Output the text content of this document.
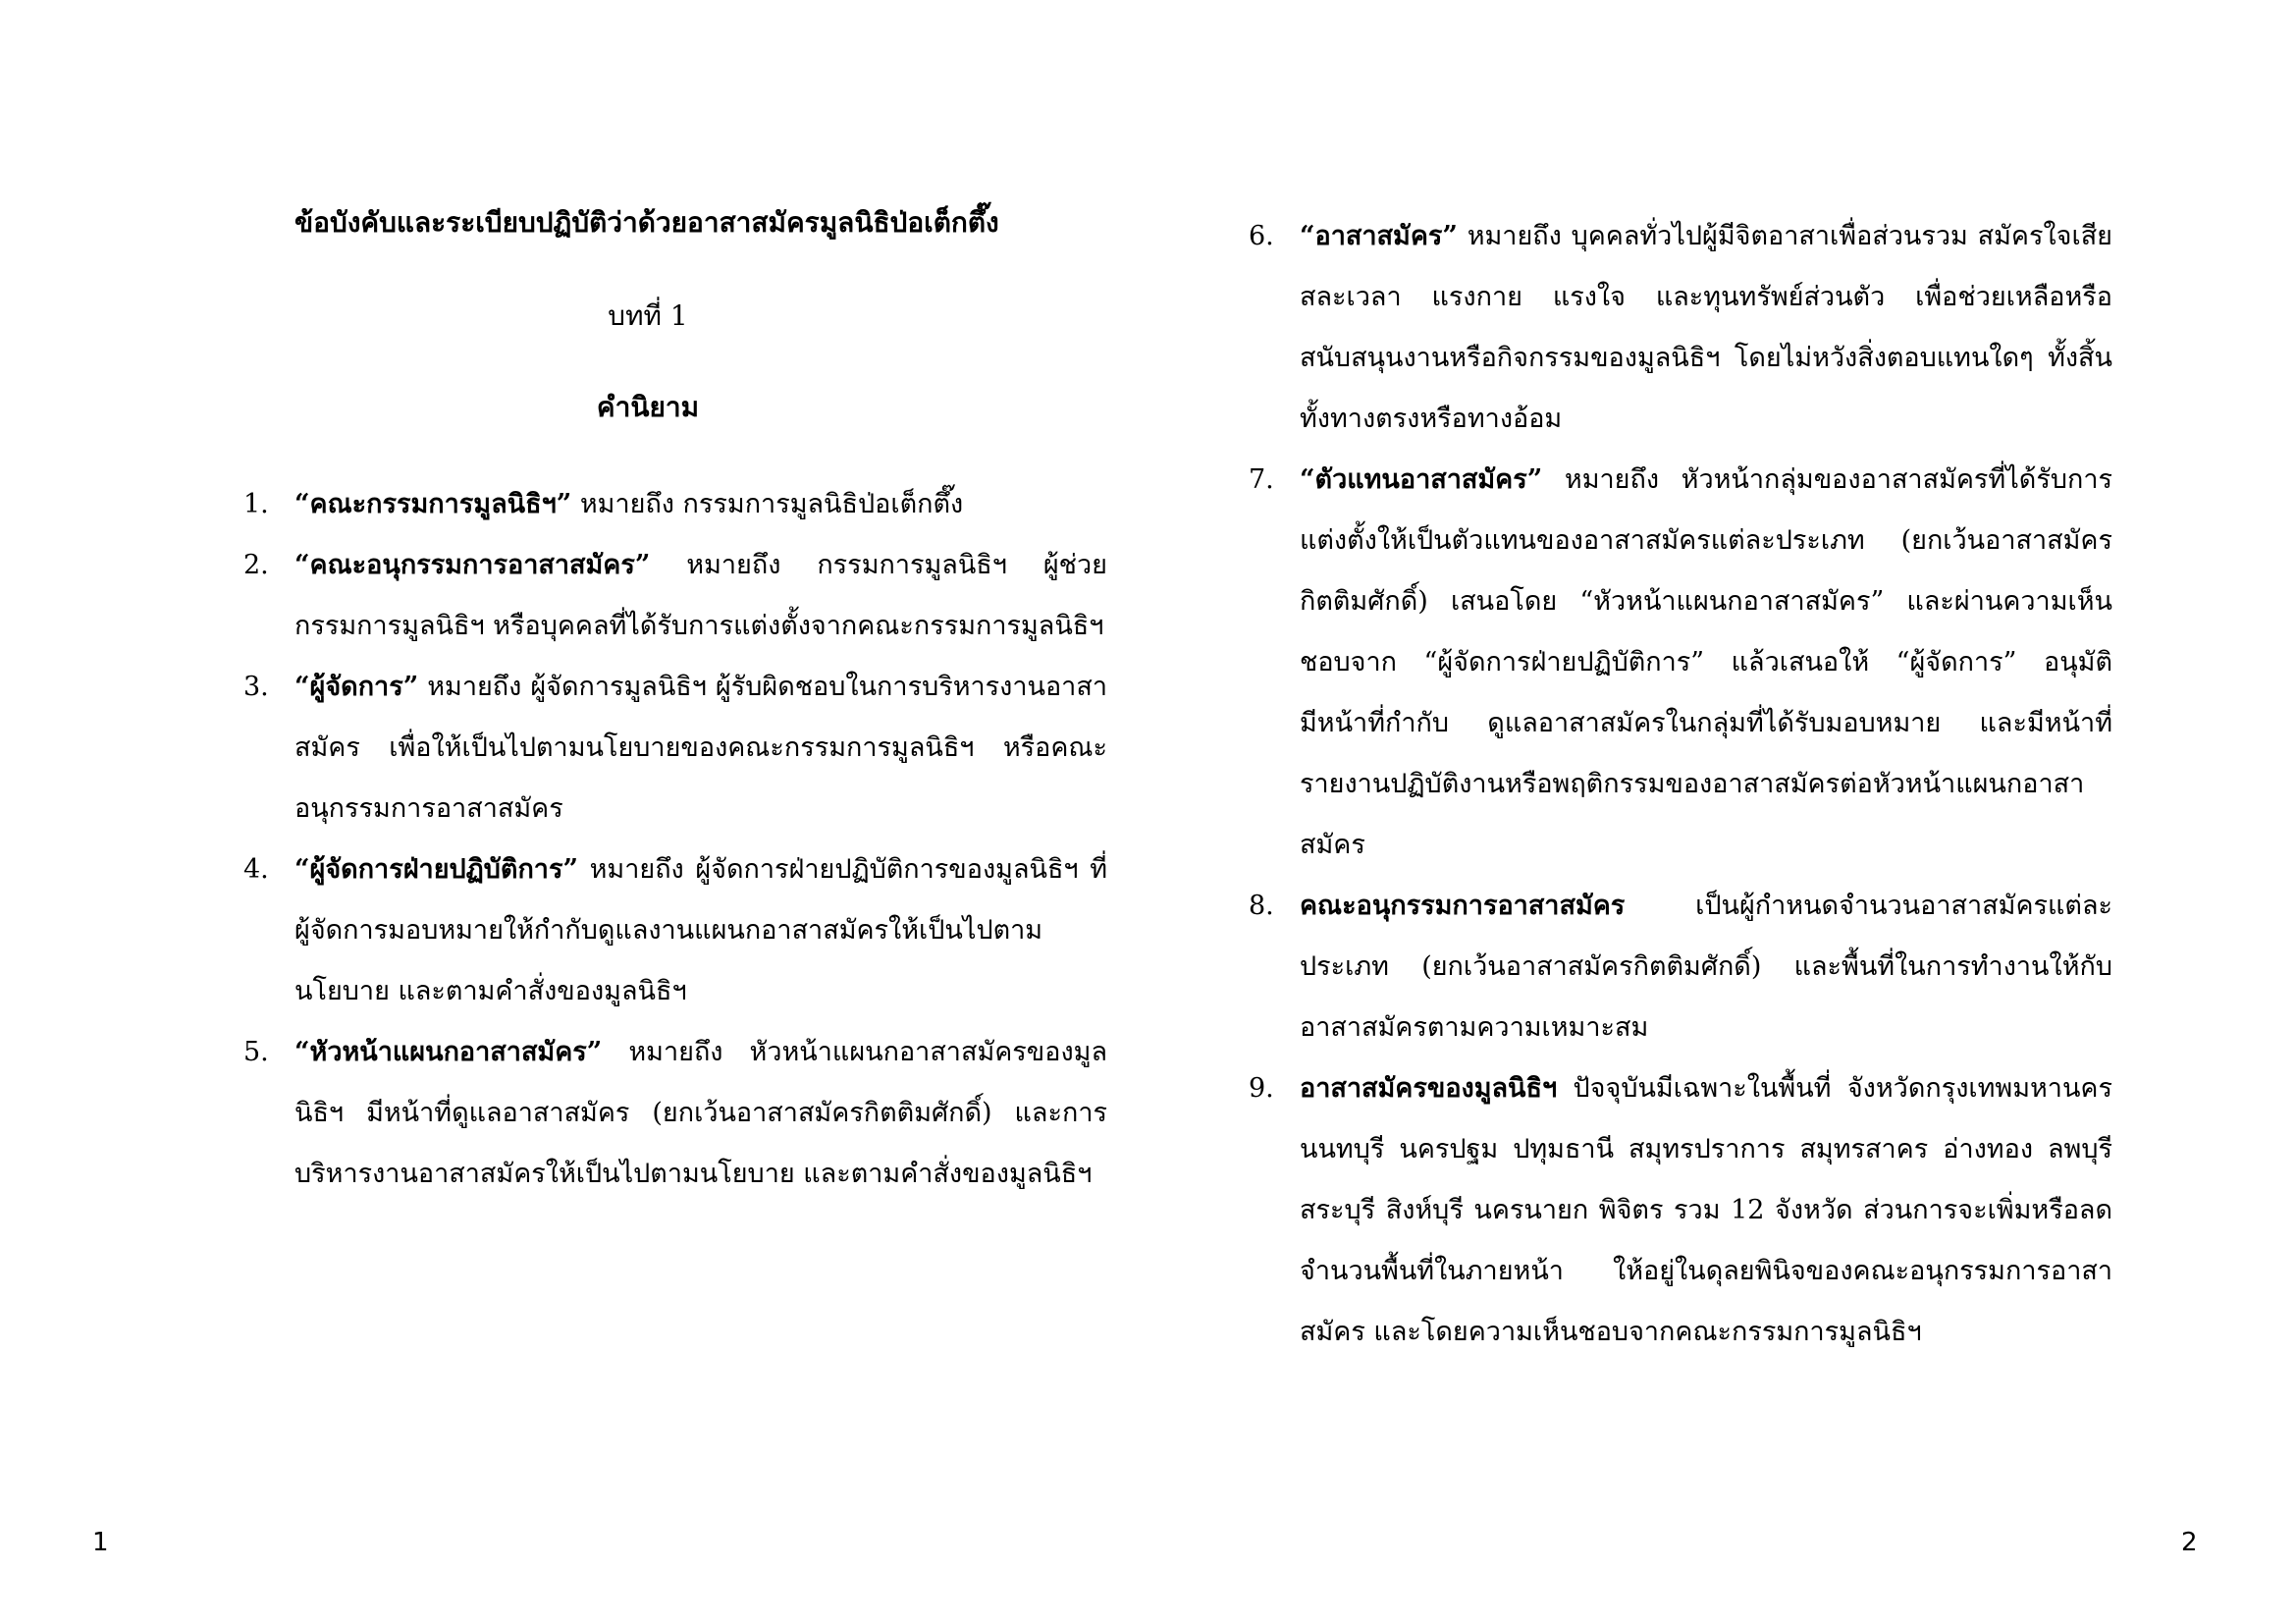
ข้อบังคับและระเบียบปฏิบัติว่าด้วยอาสาสมัครมูลนิธิป่อเต็กตึ๊ง
บทที่ 1
คำนิยาม
1. “คณะกรรมการมูลนิธิฯ” หมายถึง กรรมการมูลนิธิป่อเต็กตึ๊ง
2. “คณะอนุกรรมการอาสาสมัคร” หมายถึง กรรมการมูลนิธิฯ ผู้ช่วยกรรมการมูลนิธิฯ หรือบุคคลที่ได้รับการแต่งตั้งจากคณะกรรมการมูลนิธิฯ
3. “ผู้จัดการ” หมายถึง ผู้จัดการมูลนิธิฯ ผู้รับผิดชอบในการบริหารงานอาสาสมัคร เพื่อให้เป็นไปตามนโยบายของคณะกรรมการมูลนิธิฯ หรือคณะอนุกรรมการอาสาสมัคร
4. “ผู้จัดการฝ่ายปฏิบัติการ” หมายถึง ผู้จัดการฝ่ายปฏิบัติการของมูลนิธิฯ ที่ผู้จัดการมอบหมายให้กำกับดูแลงานแผนกอาสาสมัครให้เป็นไปตามนโยบาย และตามคำสั่งของมูลนิธิฯ
5. “หัวหน้าแผนกอาสาสมัคร” หมายถึง หัวหน้าแผนกอาสาสมัครของมูลนิธิฯ มีหน้าที่ดูแลอาสาสมัคร (ยกเว้นอาสาสมัครกิตติมศักดิ์) และการบริหารงานอาสาสมัครให้เป็นไปตามนโยบาย และตามคำสั่งของมูลนิธิฯ
1
6. “อาสาสมัคร” หมายถึง บุคคลทั่วไปผู้มีจิตอาสาเพื่อส่วนรวม สมัครใจเสียสละเวลา แรงกาย แรงใจ และทุนทรัพย์ส่วนตัว เพื่อช่วยเหลือหรือสนับสนุนงานหรือกิจกรรมของมูลนิธิฯ โดยไม่หวังสิ่งตอบแทนใดๆ ทั้งสิ้นทั้งทางตรงหรือทางอ้อม
7. “ตัวแทนอาสาสมัคร” หมายถึง หัวหน้ากลุ่มของอาสาสมัครที่ได้รับการแต่งตั้งให้เป็นตัวแทนของอาสาสมัครแต่ละประเภท (ยกเว้นอาสาสมัครกิตติมศักดิ์) เสนอโดย “หัวหน้าแผนกอาสาสมัคร” และผ่านความเห็นชอบจาก “ผู้จัดการฝ่ายปฏิบัติการ” แล้วเสนอให้ “ผู้จัดการ” อนุมัติ มีหน้าที่กำกับ ดูแลอาสาสมัครในกลุ่มที่ได้รับมอบหมาย และมีหน้าที่รายงานปฏิบัติงานหรือพฤติกรรมของอาสาสมัครต่อหัวหน้าแผนกอาสาสมัคร
8. คณะอนุกรรมการอาสาสมัคร เป็นผู้กำหนดจำนวนอาสาสมัครแต่ละประเภท (ยกเว้นอาสาสมัครกิตติมศักดิ์) และพื้นที่ในการทำงานให้กับอาสาสมัครตามความเหมาะสม
9. อาสาสมัครของมูลนิธิฯ ปัจจุบันมีเฉพาะในพื้นที่ จังหวัดกรุงเทพมหานคร นนทบุรี นครปฐม ปทุมธานี สมุทรปราการ สมุทรสาคร อ่างทอง ลพบุรี สระบุรี สิงห์บุรี นครนายก พิจิตร รวม 12 จังหวัด ส่วนการจะเพิ่มหรือลดจำนวนพื้นที่ในภายหน้า ให้อยู่ในดุลยพินิจของคณะอนุกรรมการอาสาสมัคร และโดยความเห็นชอบจากคณะกรรมการมูลนิธิฯ
2
